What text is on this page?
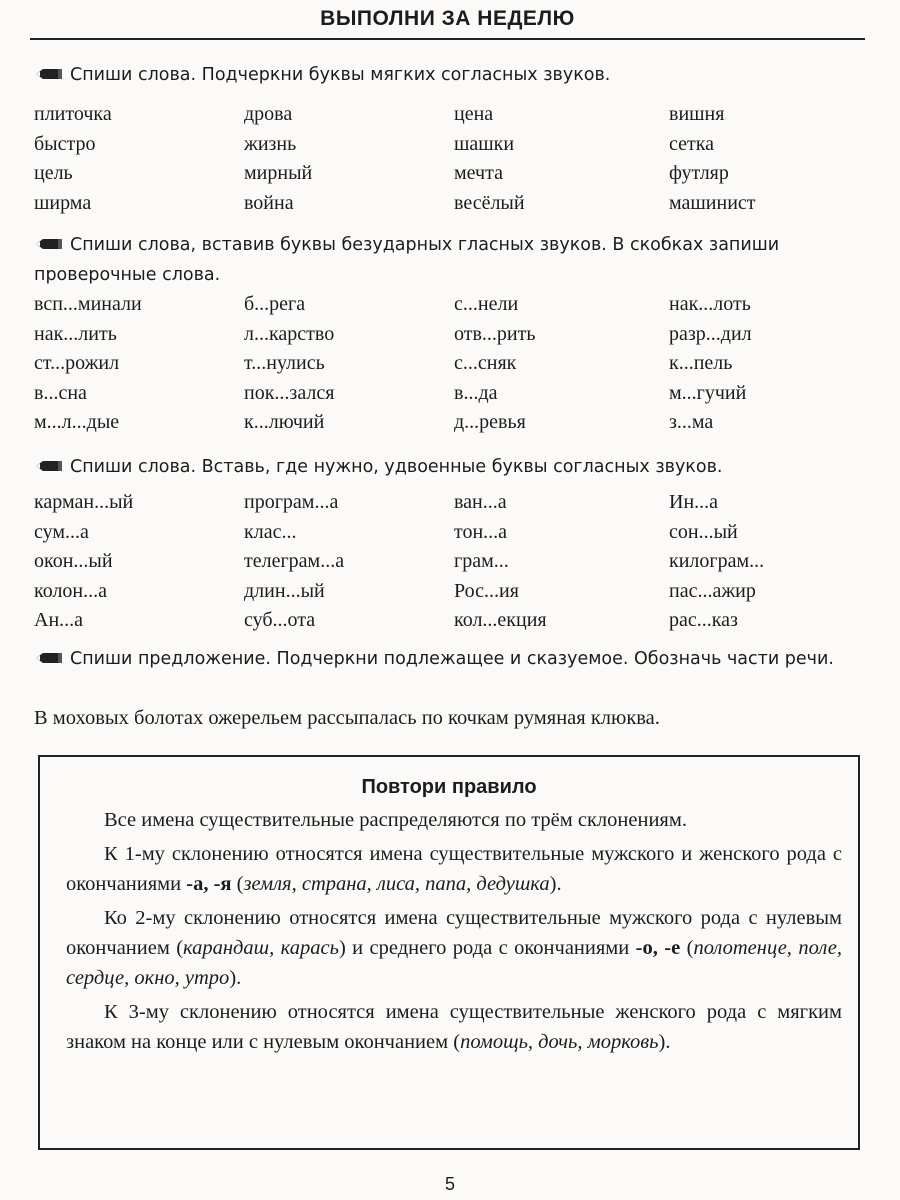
ВЫПОЛНИ ЗА НЕДЕЛЮ
Спиши слова. Подчеркни буквы мягких согласных звуков.
плиточка	дрова	цена	вишня
быстро	жизнь	шашки	сетка
цель	мирный	мечта	футляр
ширма	война	весёлый	машинист
Спиши слова, вставив буквы безударных гласных звуков. В скобках запиши проверочные слова.
всп...минали	б...рега	с...нели	нак...лоть
нак...лить	л...карство	отв...рить	разр...дил
ст...рожил	т...нулись	с...сняк	к...пель
в...сна	пок...зался	в...да	м...гучий
м...л...дые	к...лючий	д...ревья	з...ма
Спиши слова. Вставь, где нужно, удвоенные буквы согласных звуков.
карман...ый	програм...а	ван...а	Ин...а
сум...а	клас...	тон...а	сон...ый
окон...ый	телеграм...а	грам...	килограм...
колон...а	длин...ый	Рос...ия	пас...ажир
Ан...а	суб...ота	кол...екция	рас...каз
Спиши предложение. Подчеркни подлежащее и сказуемое. Обозначь части речи.
В моховых болотах ожерельем рассыпалась по кочкам румяная клюква.
Повтори правило

Все имена существительные распределяются по трём склонениям.

К 1-му склонению относятся имена существительные мужского и женского рода с окончаниями -а, -я (земля, страна, лиса, папа, дедушка).

Ко 2-му склонению относятся имена существительные мужского рода с нулевым окончанием (карандаш, карась) и среднего рода с окончаниями -о, -е (полотенце, поле, сердце, окно, утро).

К 3-му склонению относятся имена существительные женского рода с мягким знаком на конце или с нулевым окончанием (помощь, дочь, морковь).

5
